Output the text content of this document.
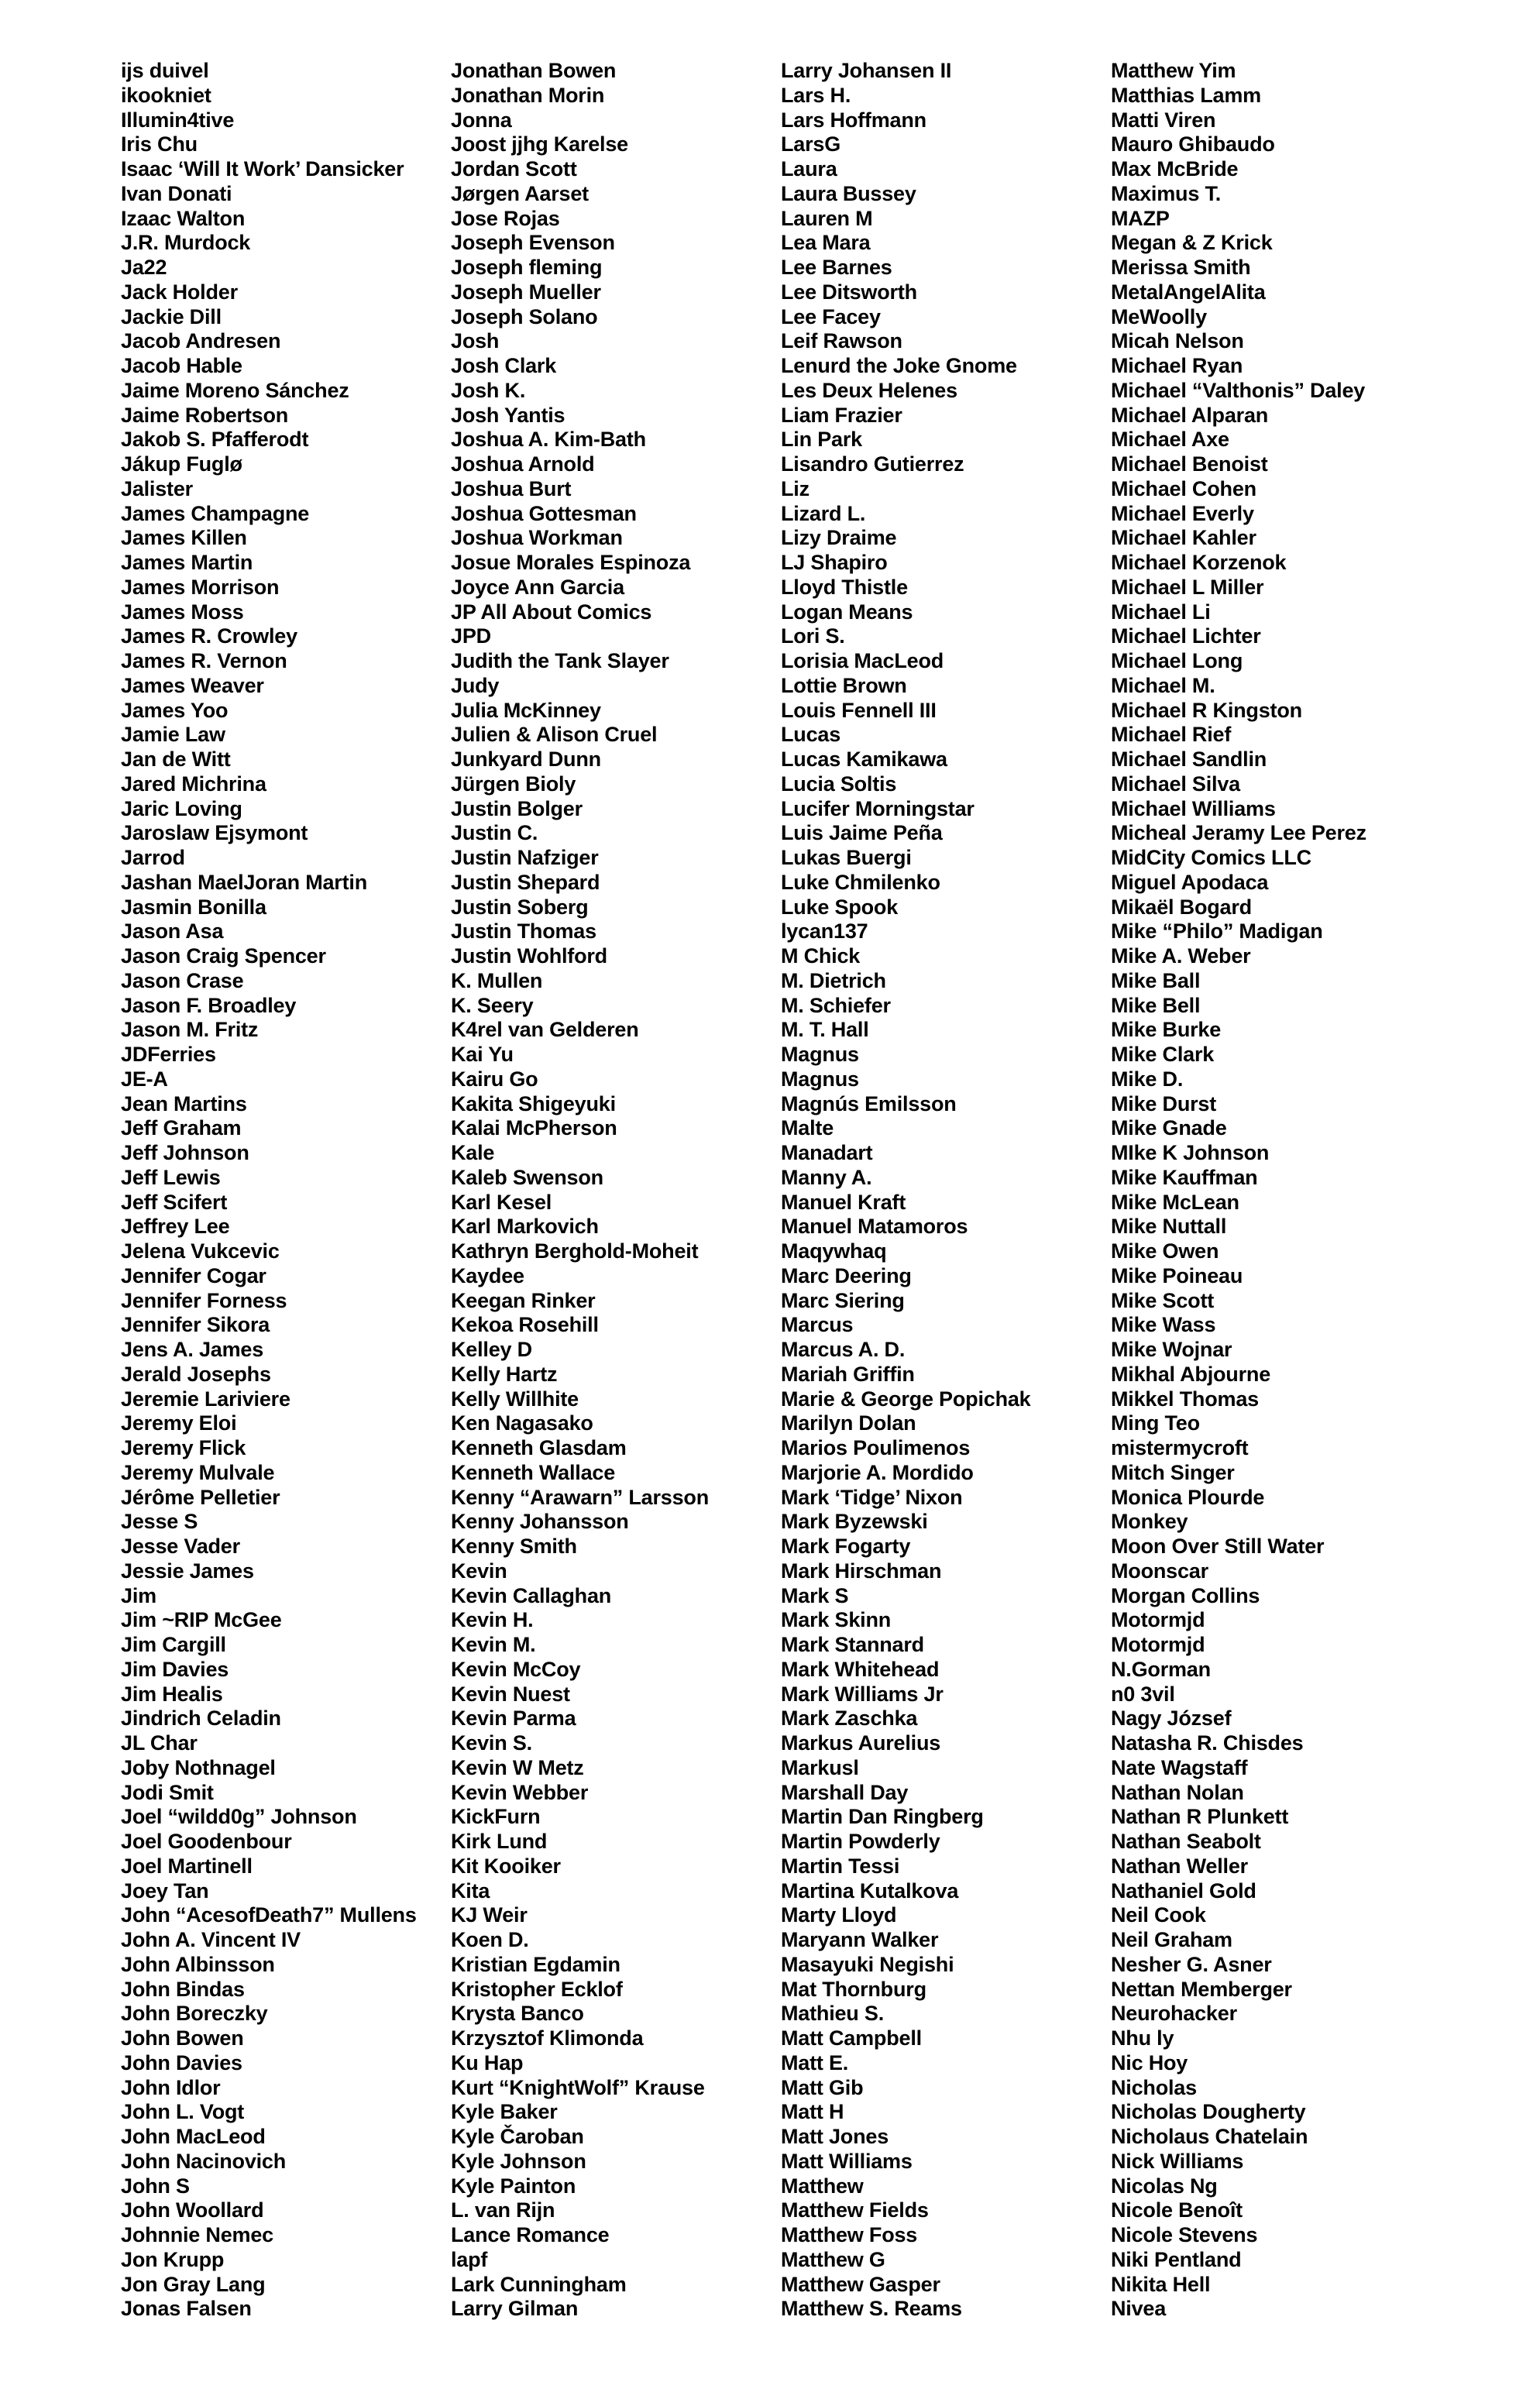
ijs duivel
ikookniet
Illumin4tive
Iris Chu
Isaac ‘Will It Work’ Dansicker
Ivan Donati
Izaac Walton
J.R. Murdock
Ja22
Jack Holder
Jackie Dill
Jacob Andresen
Jacob Hable
Jaime Moreno Sánchez
Jaime Robertson
Jakob S. Pfafferodt
Jákup Fuglø
Jalister
James Champagne
James Killen
James Martin
James Morrison
James Moss
James R. Crowley
James R. Vernon
James Weaver
James Yoo
Jamie Law
Jan de Witt
Jared Michrina
Jaric Loving
Jaroslaw Ejsymont
Jarrod
Jashan MaelJoran Martin
Jasmin Bonilla
Jason Asa
Jason Craig Spencer
Jason Crase
Jason F. Broadley
Jason M. Fritz
JDFerries
JE-A
Jean Martins
Jeff Graham
Jeff Johnson
Jeff Lewis
Jeff Scifert
Jeffrey Lee
Jelena Vukcevic
Jennifer Cogar
Jennifer Forness
Jennifer Sikora
Jens A. James
Jerald Josephs
Jeremie Lariviere
Jeremy Eloi
Jeremy Flick
Jeremy Mulvale
Jérôme Pelletier
Jesse S
Jesse Vader
Jessie James
Jim
Jim ~RIP McGee
Jim Cargill
Jim Davies
Jim Healis
Jindrich Celadin
JL Char
Joby Nothnagel
Jodi Smit
Joel “wildd0g” Johnson
Joel Goodenbour
Joel Martinell
Joey Tan
John “AcesofDeath7” Mullens
John A. Vincent IV
John Albinsson
John Bindas
John Boreczky
John Bowen
John Davies
John Idlor
John L. Vogt
John MacLeod
John Nacinovich
John S
John Woollard
Johnnie Nemec
Jon Krupp
Jon Gray Lang
Jonas Falsen
Jonathan Bowen
Jonathan Morin
Jonna
Joost jjhg Karelse
Jordan Scott
Jørgen Aarset
Jose Rojas
Joseph Evenson
Joseph fleming
Joseph Mueller
Joseph Solano
Josh
Josh Clark
Josh K.
Josh Yantis
Joshua A. Kim-Bath
Joshua Arnold
Joshua Burt
Joshua Gottesman
Joshua Workman
Josue Morales Espinoza
Joyce Ann Garcia
JP All About Comics
JPD
Judith the Tank Slayer
Judy
Julia McKinney
Julien & Alison Cruel
Junkyard Dunn
Jürgen Bioly
Justin Bolger
Justin C.
Justin Nafziger
Justin Shepard
Justin Soberg
Justin Thomas
Justin Wohlford
K. Mullen
K. Seery
K4rel van Gelderen
Kai Yu
Kairu Go
Kakita Shigeyuki
Kalai McPherson
Kale
Kaleb Swenson
Karl Kesel
Karl Markovich
Kathryn Berghold-Moheit
Kaydee
Keegan Rinker
Kekoa Rosehill
Kelley D
Kelly Hartz
Kelly Willhite
Ken Nagasako
Kenneth Glasdam
Kenneth Wallace
Kenny “Arawarn” Larsson
Kenny Johansson
Kenny Smith
Kevin
Kevin Callaghan
Kevin H.
Kevin M.
Kevin McCoy
Kevin Nuest
Kevin Parma
Kevin S.
Kevin W Metz
Kevin Webber
KickFurn
Kirk Lund
Kit Kooiker
Kita
KJ Weir
Koen D.
Kristian Egdamin
Kristopher Ecklof
Krysta Banco
Krzysztof Klimonda
Ku Hap
Kurt “KnightWolf” Krause
Kyle Baker
Kyle Čaroban
Kyle Johnson
Kyle Painton
L. van Rijn
Lance Romance
lapf
Lark Cunningham
Larry Gilman
Larry Johansen II
Lars H.
Lars Hoffmann
LarsG
Laura
Laura Bussey
Lauren M
Lea Mara
Lee Barnes
Lee Ditsworth
Lee Facey
Leif Rawson
Lenurd the Joke Gnome
Les Deux Helenes
Liam Frazier
Lin Park
Lisandro Gutierrez
Liz
Lizard L.
Lizy Draime
LJ Shapiro
Lloyd Thistle
Logan Means
Lori S.
Lorisia MacLeod
Lottie Brown
Louis Fennell III
Lucas
Lucas Kamikawa
Lucia Soltis
Lucifer Morningstar
Luis Jaime Peña
Lukas Buergi
Luke Chmilenko
Luke Spook
lycan137
M Chick
M. Dietrich
M. Schiefer
M. T. Hall
Magnus
Magnus
Magnús Emilsson
Malte
Manadart
Manny A.
Manuel Kraft
Manuel Matamoros
Maqywhaq
Marc Deering
Marc Siering
Marcus
Marcus A. D.
Mariah Griffin
Marie & George Popichak
Marilyn Dolan
Marios Poulimenos
Marjorie A. Mordido
Mark ‘Tidge’ Nixon
Mark Byzewski
Mark Fogarty
Mark Hirschman
Mark S
Mark Skinn
Mark Stannard
Mark Whitehead
Mark Williams Jr
Mark Zaschka
Markus Aurelius
Markusl
Marshall Day
Martin Dan Ringberg
Martin Powderly
Martin Tessi
Martina Kutalkova
Marty Lloyd
Maryann Walker
Masayuki Negishi
Mat Thornburg
Mathieu S.
Matt Campbell
Matt E.
Matt Gib
Matt H
Matt Jones
Matt Williams
Matthew
Matthew Fields
Matthew Foss
Matthew G
Matthew Gasper
Matthew S. Reams
Matthew Yim
Matthias Lamm
Matti Viren
Mauro Ghibaudo
Max McBride
Maximus T.
MAZP
Megan & Z Krick
Merissa Smith
MetalAngelAlita
MeWoolly
Micah Nelson
Michael Ryan
Michael “Valthonis” Daley
Michael Alparan
Michael Axe
Michael Benoist
Michael Cohen
Michael Everly
Michael Kahler
Michael Korzenok
Michael L Miller
Michael Li
Michael Lichter
Michael Long
Michael M.
Michael R Kingston
Michael Rief
Michael Sandlin
Michael Silva
Michael Williams
Micheal Jeramy Lee Perez
MidCity Comics LLC
Miguel Apodaca
Mikaël Bogard
Mike “Philo” Madigan
Mike A. Weber
Mike Ball
Mike Bell
Mike Burke
Mike Clark
Mike D.
Mike Durst
Mike Gnade
MIke K Johnson
Mike Kauffman
Mike McLean
Mike Nuttall
Mike Owen
Mike Poineau
Mike Scott
Mike Wass
Mike Wojnar
Mikhal Abjourne
Mikkel Thomas
Ming Teo
mistermycroft
Mitch Singer
Monica Plourde
Monkey
Moon Over Still Water
Moonscar
Morgan Collins
Motormjd
Motormjd
N.Gorman
n0 3vil
Nagy József
Natasha R. Chisdes
Nate Wagstaff
Nathan Nolan
Nathan R Plunkett
Nathan Seabolt
Nathan Weller
Nathaniel Gold
Neil Cook
Neil Graham
Nesher G. Asner
Nettan Memberger
Neurohacker
Nhu ly
Nic Hoy
Nicholas
Nicholas Dougherty
Nicholaus Chatelain
Nick Williams
Nicolas Ng
Nicole Benoît
Nicole Stevens
Niki Pentland
Nikita Hell
Nivea
